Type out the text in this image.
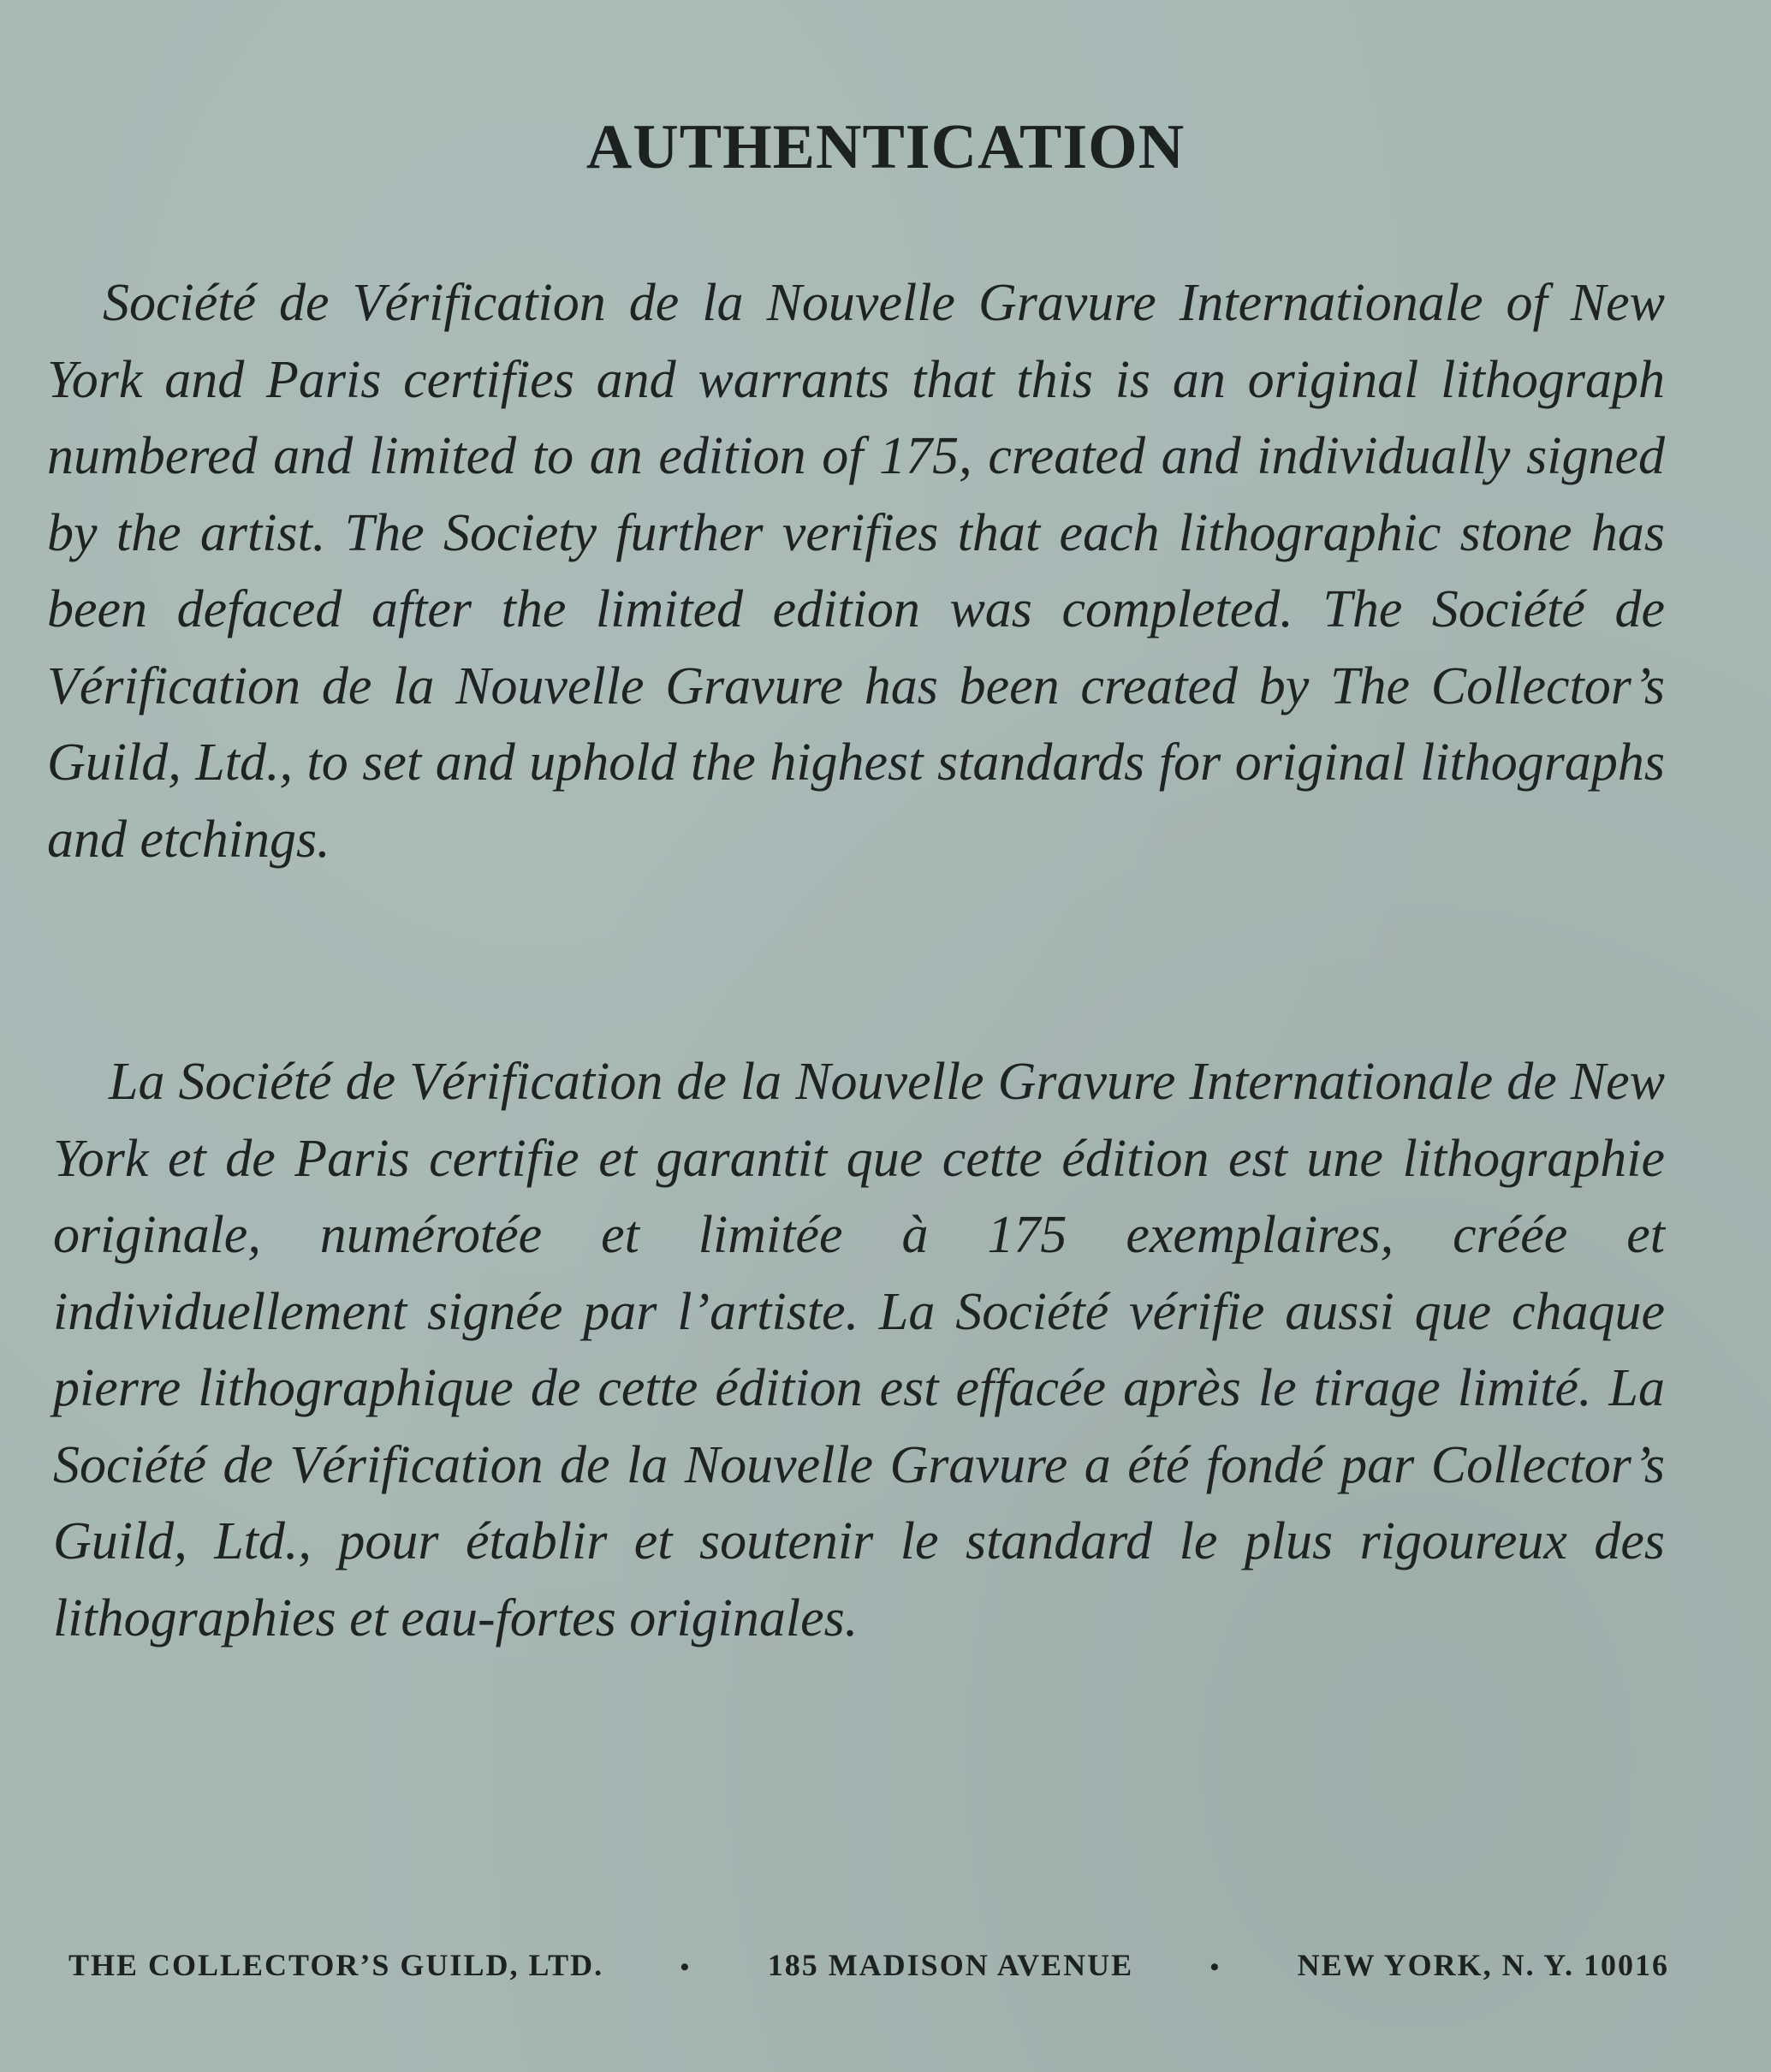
AUTHENTICATION

Société de Vérification de la Nouvelle Gravure Internationale of New York and Paris certifies and warrants that this is an original lithograph numbered and limited to an edition of 175, created and individually signed by the artist. The Society further verifies that each lithographic stone has been defaced after the limited edition was completed. The Société de Vérification de la Nouvelle Gravure has been created by The Collector’s Guild, Ltd., to set and uphold the highest standards for original lithographs and etchings.

La Société de Vérification de la Nouvelle Gravure Internationale de New York et de Paris certifie et garantit que cette édition est une lithographie originale, numérotée et limitée à 175 exemplaires, créée et individuellement signée par l’artiste. La Société vérifie aussi que chaque pierre lithographique de cette édition est effacée après le tirage limité. La Société de Vérification de la Nouvelle Gravure a été fondé par Collector’s Guild, Ltd., pour établir et soutenir le standard le plus rigoureux des lithographies et eau-fortes originales.

THE COLLECTOR’S GUILD, LTD.	• 185 MADISON AVENUE	• NEW YORK, N. Y. 10016
